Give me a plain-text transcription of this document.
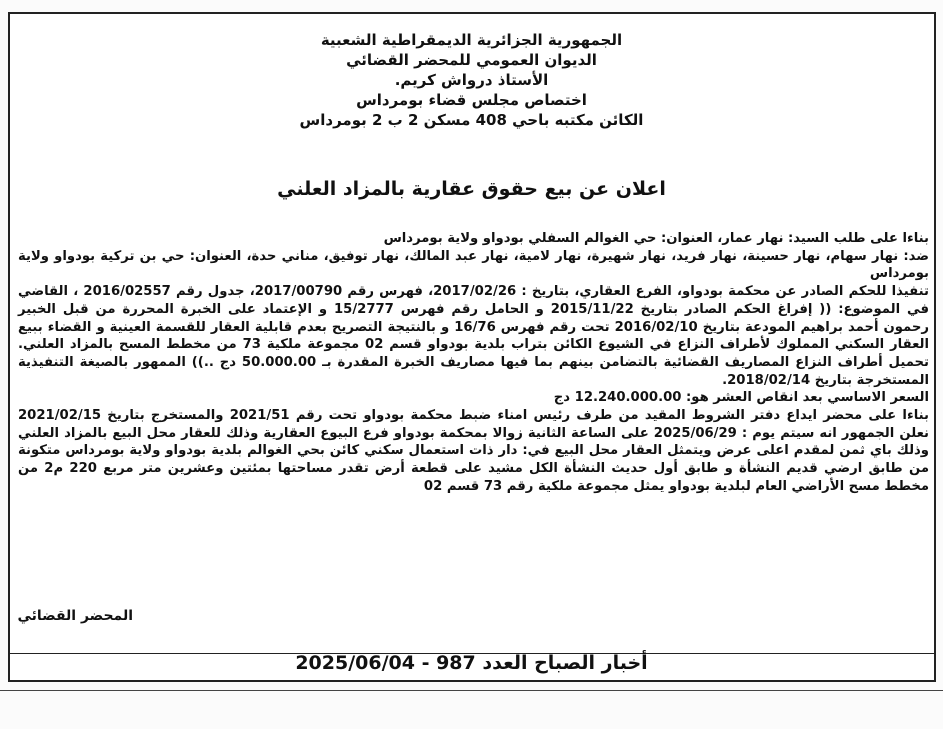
الجمهورية الجزائرية الديمقراطية الشعبية
الديوان العمومي للمحضر القضائي
الأستاذ درواش كريم.
اختصاص مجلس قضاء بومرداس
الكائن مكتبه باحي 408 مسكن 2 ب 2 بومرداس
اعلان عن بيع حقوق عقارية بالمزاد العلني

بناءا على طلب السيد: نهار عمار، العنوان: حي الغوالم السفلي بودواو ولاية بومرداس

ضد: نهار سهام، نهار حسينة، نهار فريد، نهار شهيرة، نهار لامية، نهار عبد المالك، نهار توفيق، مناني حدة، العنوان: حي بن تركية بودواو ولاية بومرداس

تنفيذا للحكم الصادر عن محكمة بودواو، الفرع العقاري، بتاريخ : 2017/02/26، فهرس رقم 2017/00790، جدول رقم 2016/02557 ، القاضي في الموضوع: (( إفراغ الحكم الصادر بتاريخ 2015/11/22 و الحامل رقم فهرس 15/2777 و الإعتماد على الخبرة المحررة من قبل الخبير رحمون أحمد براهيم المودعة بتاريخ 2016/02/10 تحت رقم فهرس 16/76 و بالنتيجة التصريح بعدم قابلية العقار للقسمة العينية و القضاء ببيع العقار السكني المملوك لأطراف النزاع في الشيوع الكائن بتراب بلدية بودواو قسم 02 مجموعة ملكية 73 من مخطط المسح بالمزاد العلني. تحميل أطراف النزاع المصاريف القضائية بالتضامن بينهم بما فيها مصاريف الخبرة المقدرة بـ 50.000.00 دج ..)) الممهور بالصيغة التنفيذية المستخرجة بتاريخ 2018/02/14.

السعر الاساسي بعد انقاص العشر هو: 12.240.000.00 دج

بناءا على محضر ايداع دفتر الشروط المقيد من طرف رئيس امناء ضبط محكمة بودواو تحت رقم 2021/51 والمستخرج بتاريخ 2021/02/15 نعلن الجمهور انه سيتم يوم : 2025/06/29 على الساعة الثانية زوالا بمحكمة بودواو فرع البيوع العقارية وذلك للعقار محل البيع بالمزاد العلني وذلك باي ثمن لمقدم اعلى عرض ويتمثل العقار محل البيع في: دار ذات استعمال سكني كائن بحي الغوالم بلدية بودواو ولاية بومرداس متكونة من طابق ارضي قديم النشأة و طابق أول حديث النشأة الكل مشيد على قطعة أرض تقدر مساحتها بمئتين وعشرين متر مربع 220 م2 من مخطط مسح الأراضي العام لبلدية بودواو يمثل مجموعة ملكية رقم 73 قسم 02

المحضر القضائي
أخبار الصباح العدد 987 - 2025/06/04
